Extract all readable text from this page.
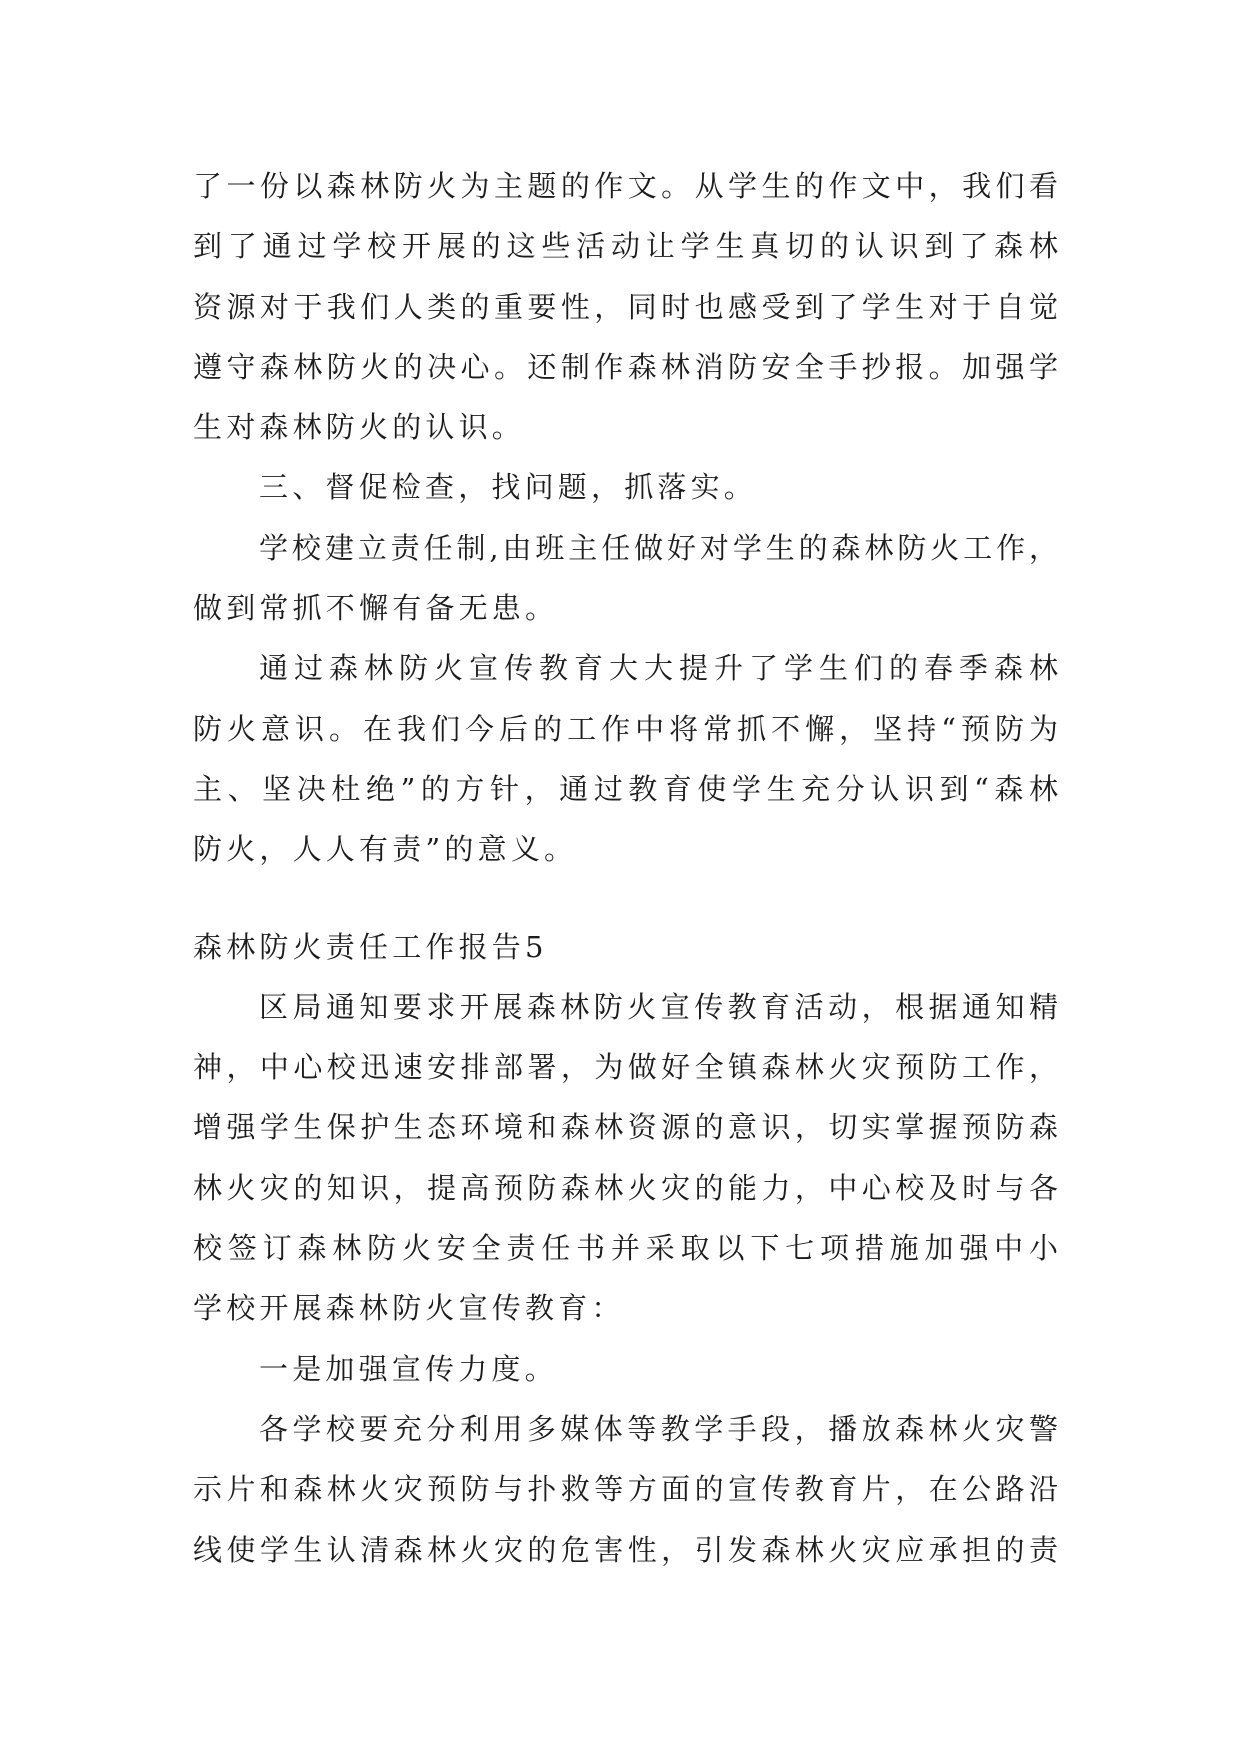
了一份以森林防火为主题的作文。从学生的作文中，我们看
到了通过学校开展的这些活动让学生真切的认识到了森林
资源对于我们人类的重要性，同时也感受到了学生对于自觉
遵守森林防火的决心。还制作森林消防安全手抄报。加强学
生对森林防火的认识。
三、督促检查，找问题，抓落实。
学校建立责任制,由班主任做好对学生的森林防火工作，
做到常抓不懈有备无患。
通过森林防火宣传教育大大提升了学生们的春季森林
防火意识。在我们今后的工作中将常抓不懈，坚持“预防为
主、坚决杜绝”的方针，通过教育使学生充分认识到“森林
防火，人人有责”的意义。
森林防火责任工作报告5
区局通知要求开展森林防火宣传教育活动，根据通知精
神，中心校迅速安排部署，为做好全镇森林火灾预防工作，
增强学生保护生态环境和森林资源的意识，切实掌握预防森
林火灾的知识，提高预防森林火灾的能力，中心校及时与各
校签订森林防火安全责任书并采取以下七项措施加强中小
学校开展森林防火宣传教育：
一是加强宣传力度。
各学校要充分利用多媒体等教学手段，播放森林火灾警
示片和森林火灾预防与扑救等方面的宣传教育片，在公路沿
线使学生认清森林火灾的危害性，引发森林火灾应承担的责
